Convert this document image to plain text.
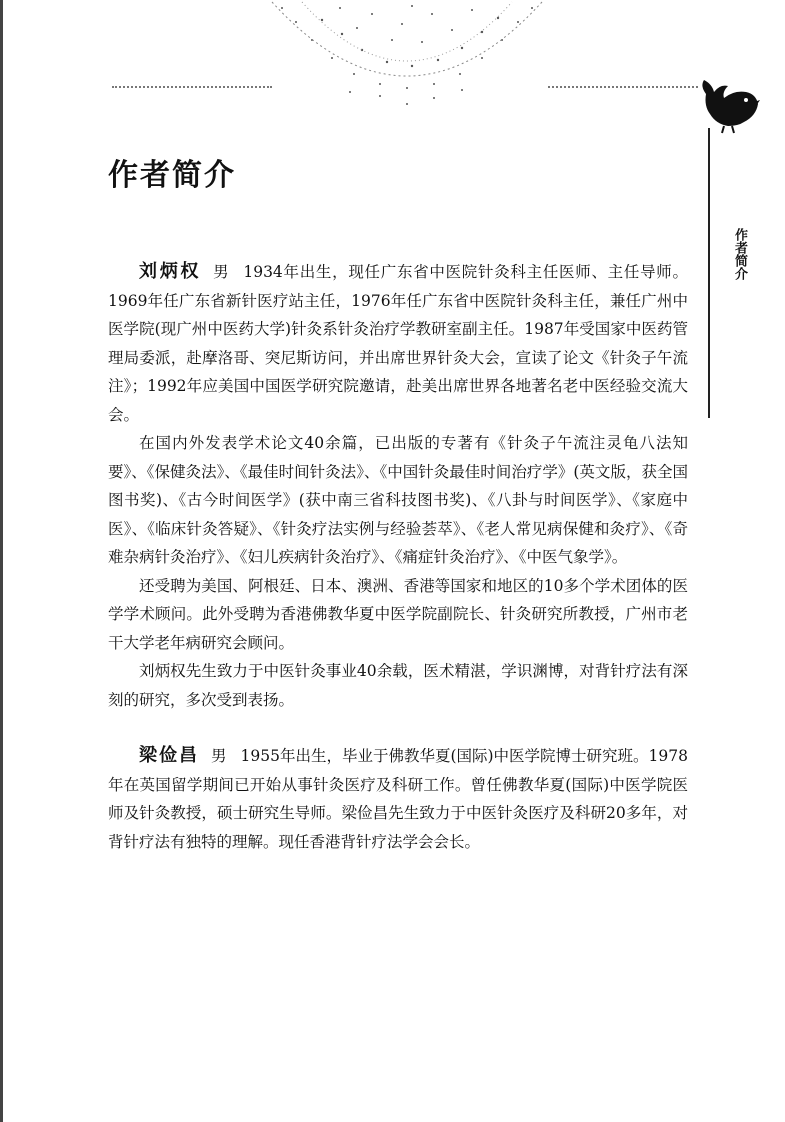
作者简介
作者简介

刘炳权 男 1934年出生，现任广东省中医院针灸科主任医师、主任导师。1969年任广东省新针医疗站主任，1976年任广东省中医院针灸科主任，兼任广州中医学院(现广州中医药大学)针灸系针灸治疗学教研室副主任。1987年受国家中医药管理局委派，赴摩洛哥、突尼斯访问，并出席世界针灸大会，宣读了论文《针灸子午流注》；1992年应美国中国医学研究院邀请，赴美出席世界各地著名老中医经验交流大会。

在国内外发表学术论文40余篇，已出版的专著有《针灸子午流注灵龟八法知要》、《保健灸法》、《最佳时间针灸法》、《中国针灸最佳时间治疗学》(英文版，获全国图书奖)、《古今时间医学》(获中南三省科技图书奖)、《八卦与时间医学》、《家庭中医》、《临床针灸答疑》、《针灸疗法实例与经验荟萃》、《老人常见病保健和灸疗》、《奇难杂病针灸治疗》、《妇儿疾病针灸治疗》、《痛症针灸治疗》、《中医气象学》。

还受聘为美国、阿根廷、日本、澳洲、香港等国家和地区的10多个学术团体的医学学术顾问。此外受聘为香港佛教华夏中医学院副院长、针灸研究所教授，广州市老干大学老年病研究会顾问。

刘炳权先生致力于中医针灸事业40余载，医术精湛，学识渊博，对背针疗法有深刻的研究，多次受到表扬。

梁俭昌 男 1955年出生，毕业于佛教华夏(国际)中医学院博士研究班。1978年在英国留学期间已开始从事针灸医疗及科研工作。曾任佛教华夏(国际)中医学院医师及针灸教授，硕士研究生导师。梁俭昌先生致力于中医针灸医疗及科研20多年，对背针疗法有独特的理解。现任香港背针疗法学会会长。
